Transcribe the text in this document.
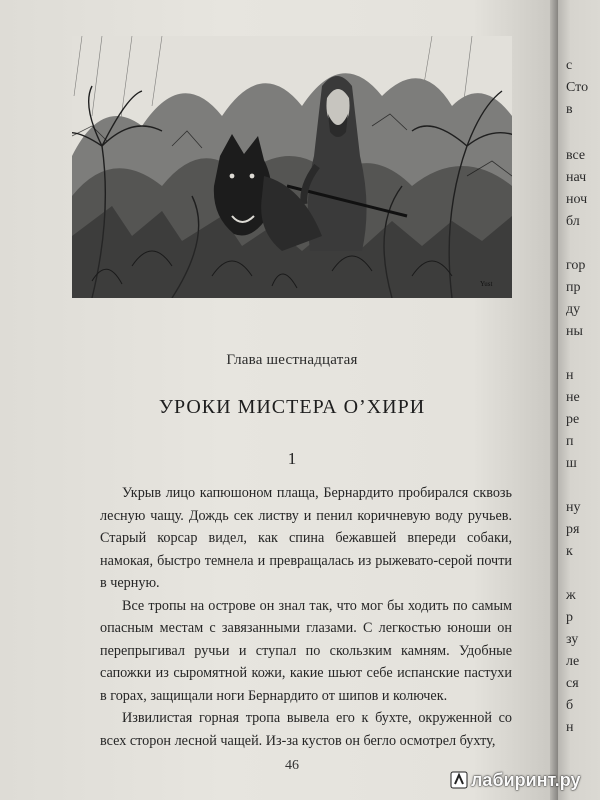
с
Сто
в
все
нач
ноч
бл
гор
пр
ду
ны
н
не
ре
п
ш
ну
ря
к
ж
р
зу
ле
ся
б
н
Yust
Глава шестнадцатая
УРОКИ МИСТЕРА О’ХИРИ
1

Укрыв лицо капюшоном плаща, Бернардито пробирался сквозь лесную чащу. Дождь сек листву и пенил коричневую воду ручьев. Старый корсар видел, как спина бежавшей впереди собаки, намокая, быстро темнела и превращалась из рыжевато-серой почти в черную.

Все тропы на острове он знал так, что мог бы ходить по самым опасным местам с завязанными глазами. С легкостью юноши он перепрыгивал ручьи и ступал по скользким камням. Удобные сапожки из сыромятной кожи, какие шьют себе испанские пастухи в горах, защищали ноги Бернардито от шипов и колючек.

Извилистая горная тропа вывела его к бухте, окруженной со всех сторон лесной чащей. Из-за кустов он бегло осмотрел бухту,

46
лабиринт.ру
